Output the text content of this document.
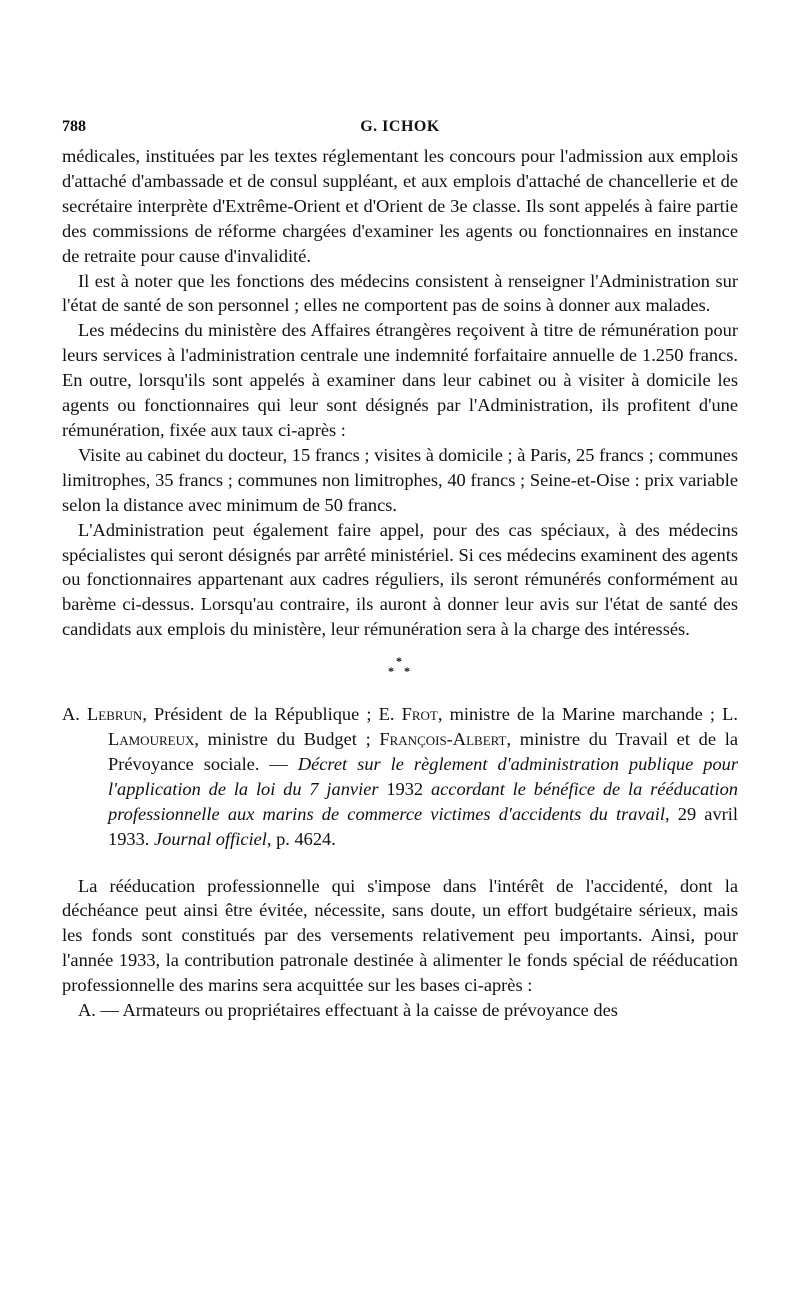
788	G. ICHOK

médicales, instituées par les textes réglementant les concours pour l'admission aux emplois d'attaché d'ambassade et de consul suppléant, et aux emplois d'attaché de chancellerie et de secrétaire interprète d'Extrême-Orient et d'Orient de 3e classe. Ils sont appelés à faire partie des commissions de réforme chargées d'examiner les agents ou fonctionnaires en instance de retraite pour cause d'invalidité.

Il est à noter que les fonctions des médecins consistent à renseigner l'Administration sur l'état de santé de son personnel ; elles ne comportent pas de soins à donner aux malades.

Les médecins du ministère des Affaires étrangères reçoivent à titre de rémunération pour leurs services à l'administration centrale une indemnité forfaitaire annuelle de 1.250 francs. En outre, lorsqu'ils sont appelés à examiner dans leur cabinet ou à visiter à domicile les agents ou fonctionnaires qui leur sont désignés par l'Administration, ils profitent d'une rémunération, fixée aux taux ci-après :

Visite au cabinet du docteur, 15 francs ; visites à domicile ; à Paris, 25 francs ; communes limitrophes, 35 francs ; communes non limitrophes, 40 francs ; Seine-et-Oise : prix variable selon la distance avec minimum de 50 francs.

L'Administration peut également faire appel, pour des cas spéciaux, à des médecins spécialistes qui seront désignés par arrêté ministériel. Si ces médecins examinent des agents ou fonctionnaires appartenant aux cadres réguliers, ils seront rémunérés conformément au barème ci-dessus. Lorsqu'au contraire, ils auront à donner leur avis sur l'état de santé des candidats aux emplois du ministère, leur rémunération sera à la charge des intéressés.

*
* *
A. Lebrun, Président de la République ; E. Frot, ministre de la Marine marchande ; L. Lamoureux, ministre du Budget ; François-Albert, ministre du Travail et de la Prévoyance sociale. — Décret sur le règlement d'administration publique pour l'application de la loi du 7 janvier 1932 accordant le bénéfice de la rééducation professionnelle aux marins de commerce victimes d'accidents du travail, 29 avril 1933. Journal officiel, p. 4624.

La rééducation professionnelle qui s'impose dans l'intérêt de l'accidenté, dont la déchéance peut ainsi être évitée, nécessite, sans doute, un effort budgétaire sérieux, mais les fonds sont constitués par des versements relativement peu importants. Ainsi, pour l'année 1933, la contribution patronale destinée à alimenter le fonds spécial de rééducation professionnelle des marins sera acquittée sur les bases ci-après :

A. — Armateurs ou propriétaires effectuant à la caisse de prévoyance des
